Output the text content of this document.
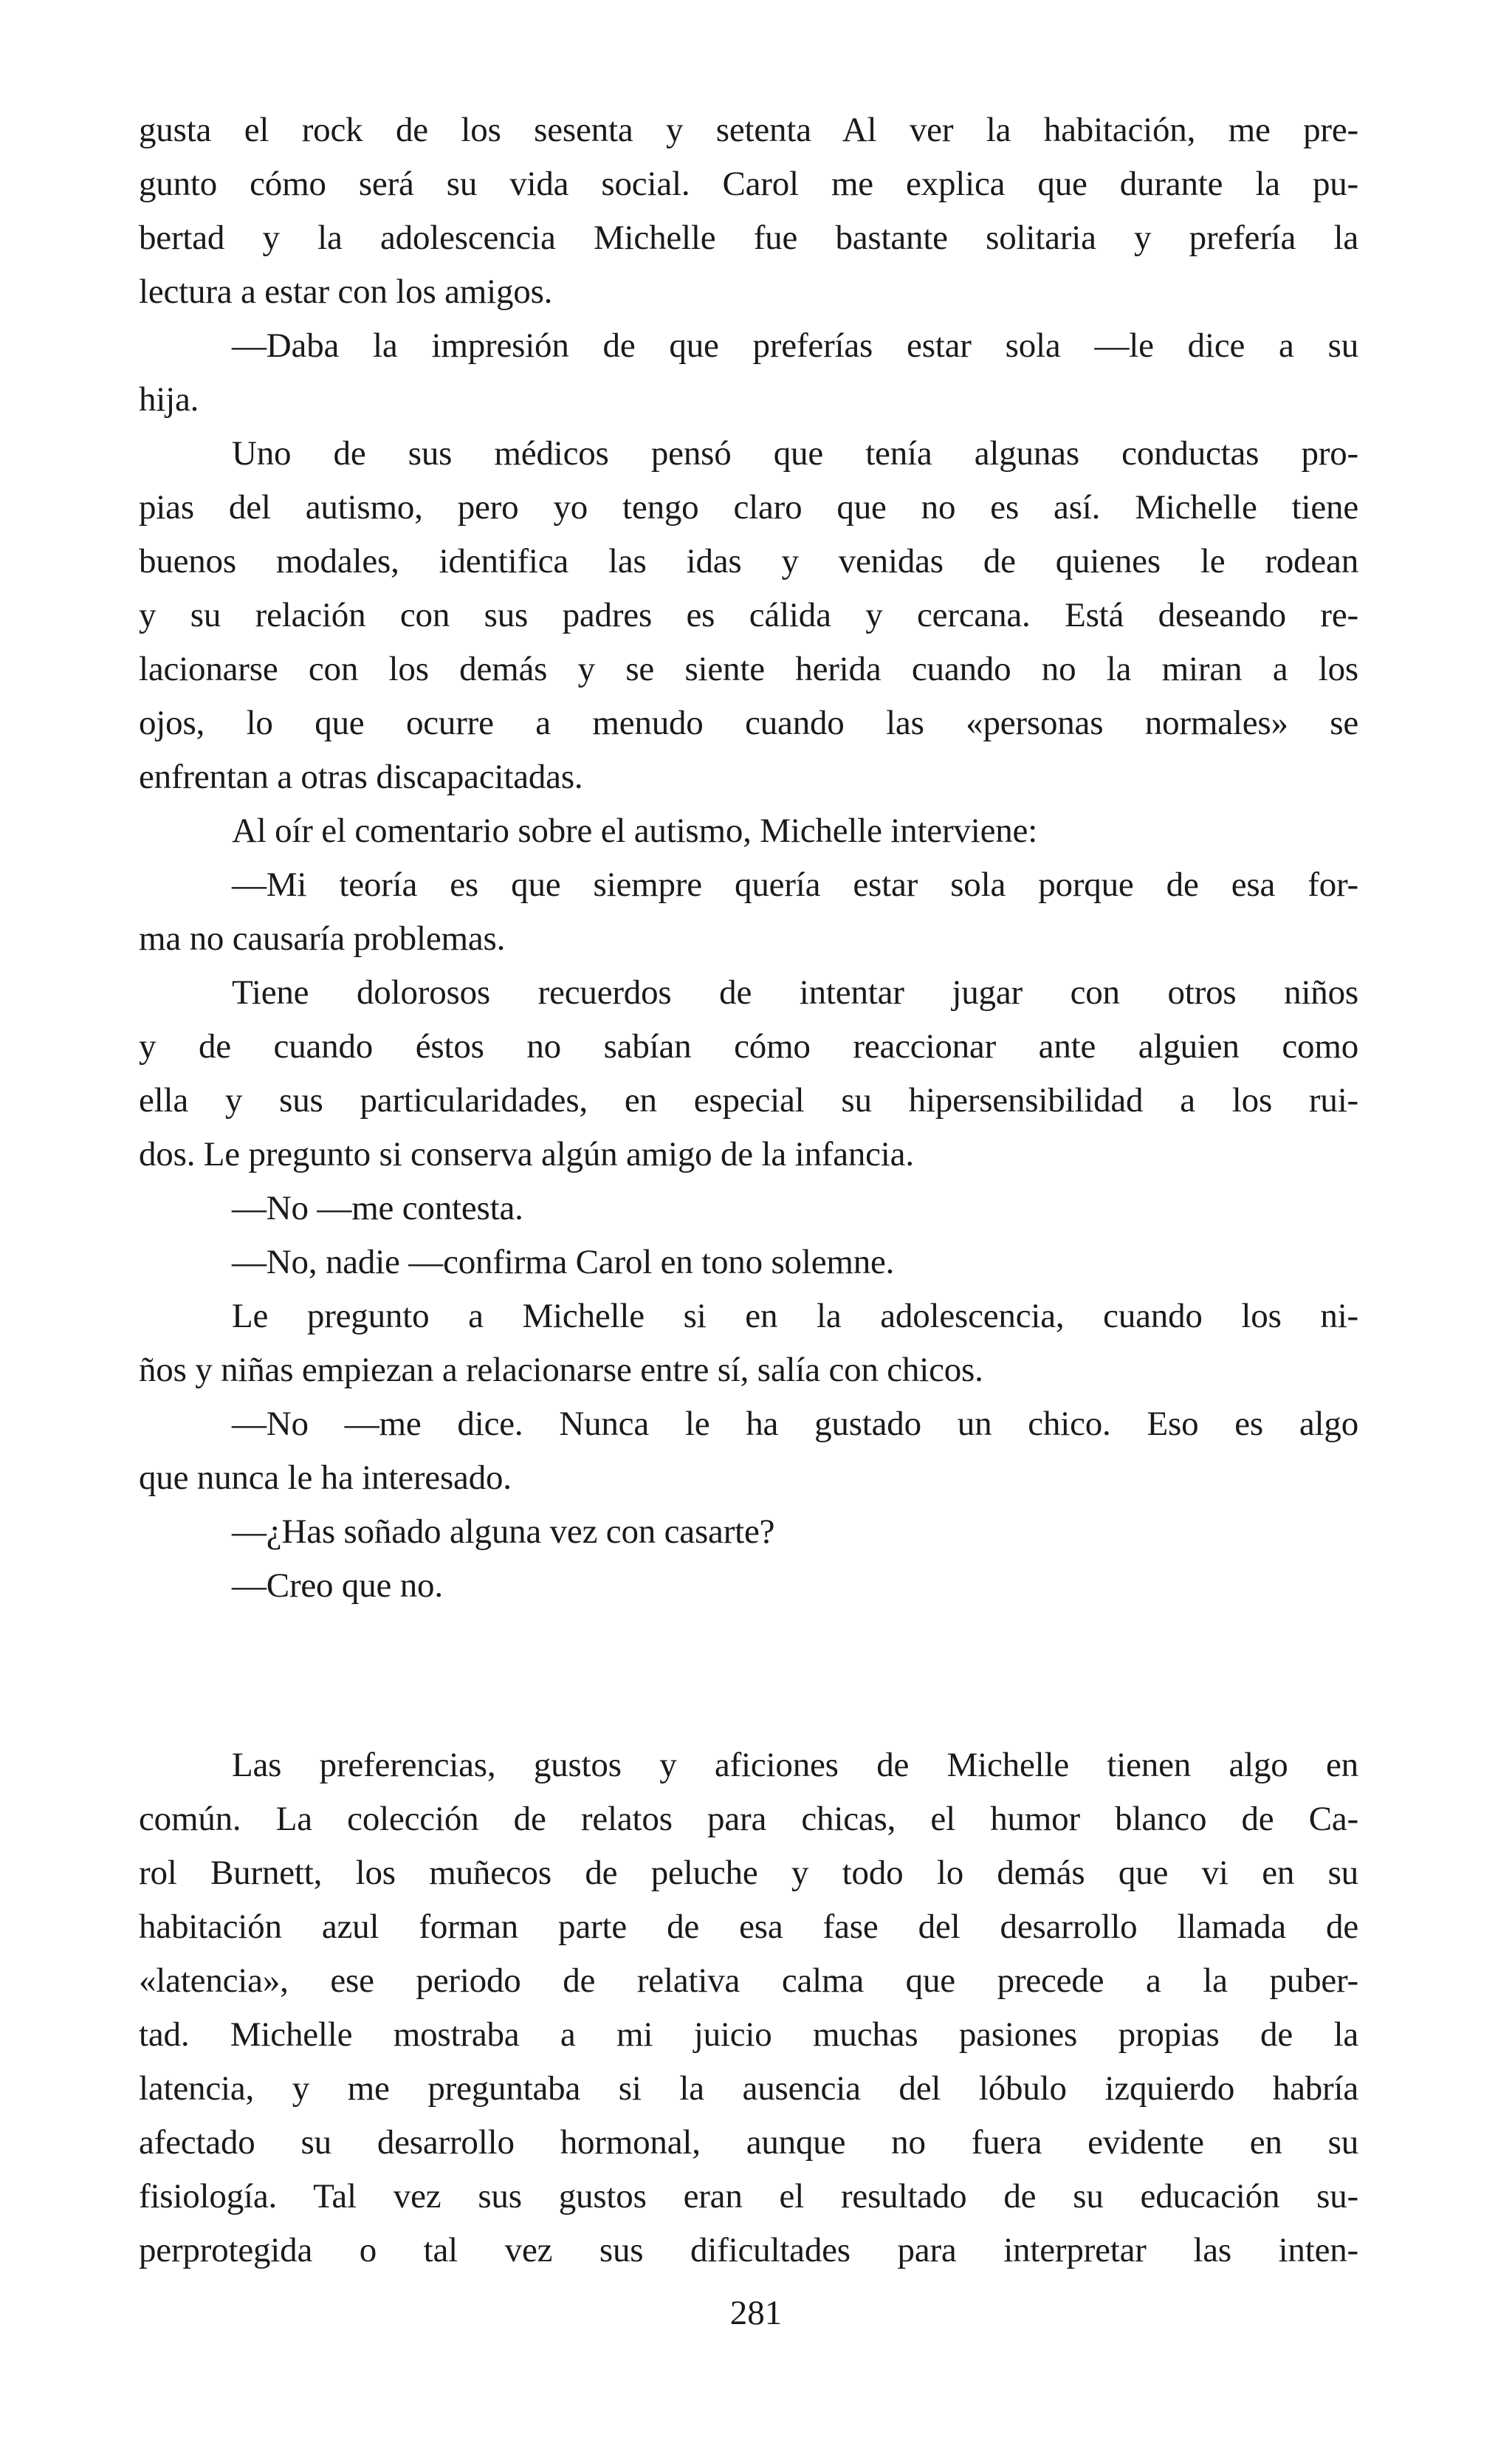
gusta el rock de los sesenta y setenta Al ver la habitación, me pre-
gunto cómo será su vida social. Carol me explica que durante la pu-
bertad y la adolescencia Michelle fue bastante solitaria y prefería la
lectura a estar con los amigos.
—Daba la impresión de que preferías estar sola —le dice a su
hija.
Uno de sus médicos pensó que tenía algunas conductas pro-
pias del autismo, pero yo tengo claro que no es así. Michelle tiene
buenos modales, identifica las idas y venidas de quienes le rodean
y su relación con sus padres es cálida y cercana. Está deseando re-
lacionarse con los demás y se siente herida cuando no la miran a los
ojos, lo que ocurre a menudo cuando las «personas normales» se
enfrentan a otras discapacitadas.
Al oír el comentario sobre el autismo, Michelle interviene:
—Mi teoría es que siempre quería estar sola porque de esa for-
ma no causaría problemas.
Tiene dolorosos recuerdos de intentar jugar con otros niños
y de cuando éstos no sabían cómo reaccionar ante alguien como
ella y sus particularidades, en especial su hipersensibilidad a los rui-
dos. Le pregunto si conserva algún amigo de la infancia.
—No —me contesta.
—No, nadie —confirma Carol en tono solemne.
Le pregunto a Michelle si en la adolescencia, cuando los ni-
ños y niñas empiezan a relacionarse entre sí, salía con chicos.
—No —me dice. Nunca le ha gustado un chico. Eso es algo
que nunca le ha interesado.
—¿Has soñado alguna vez con casarte?
—Creo que no.
Las preferencias, gustos y aficiones de Michelle tienen algo en
común. La colección de relatos para chicas, el humor blanco de Ca-
rol Burnett, los muñecos de peluche y todo lo demás que vi en su
habitación azul forman parte de esa fase del desarrollo llamada de
«latencia», ese periodo de relativa calma que precede a la puber-
tad. Michelle mostraba a mi juicio muchas pasiones propias de la
latencia, y me preguntaba si la ausencia del lóbulo izquierdo habría
afectado su desarrollo hormonal, aunque no fuera evidente en su
fisiología. Tal vez sus gustos eran el resultado de su educación su-
perprotegida o tal vez sus dificultades para interpretar las inten-
281
